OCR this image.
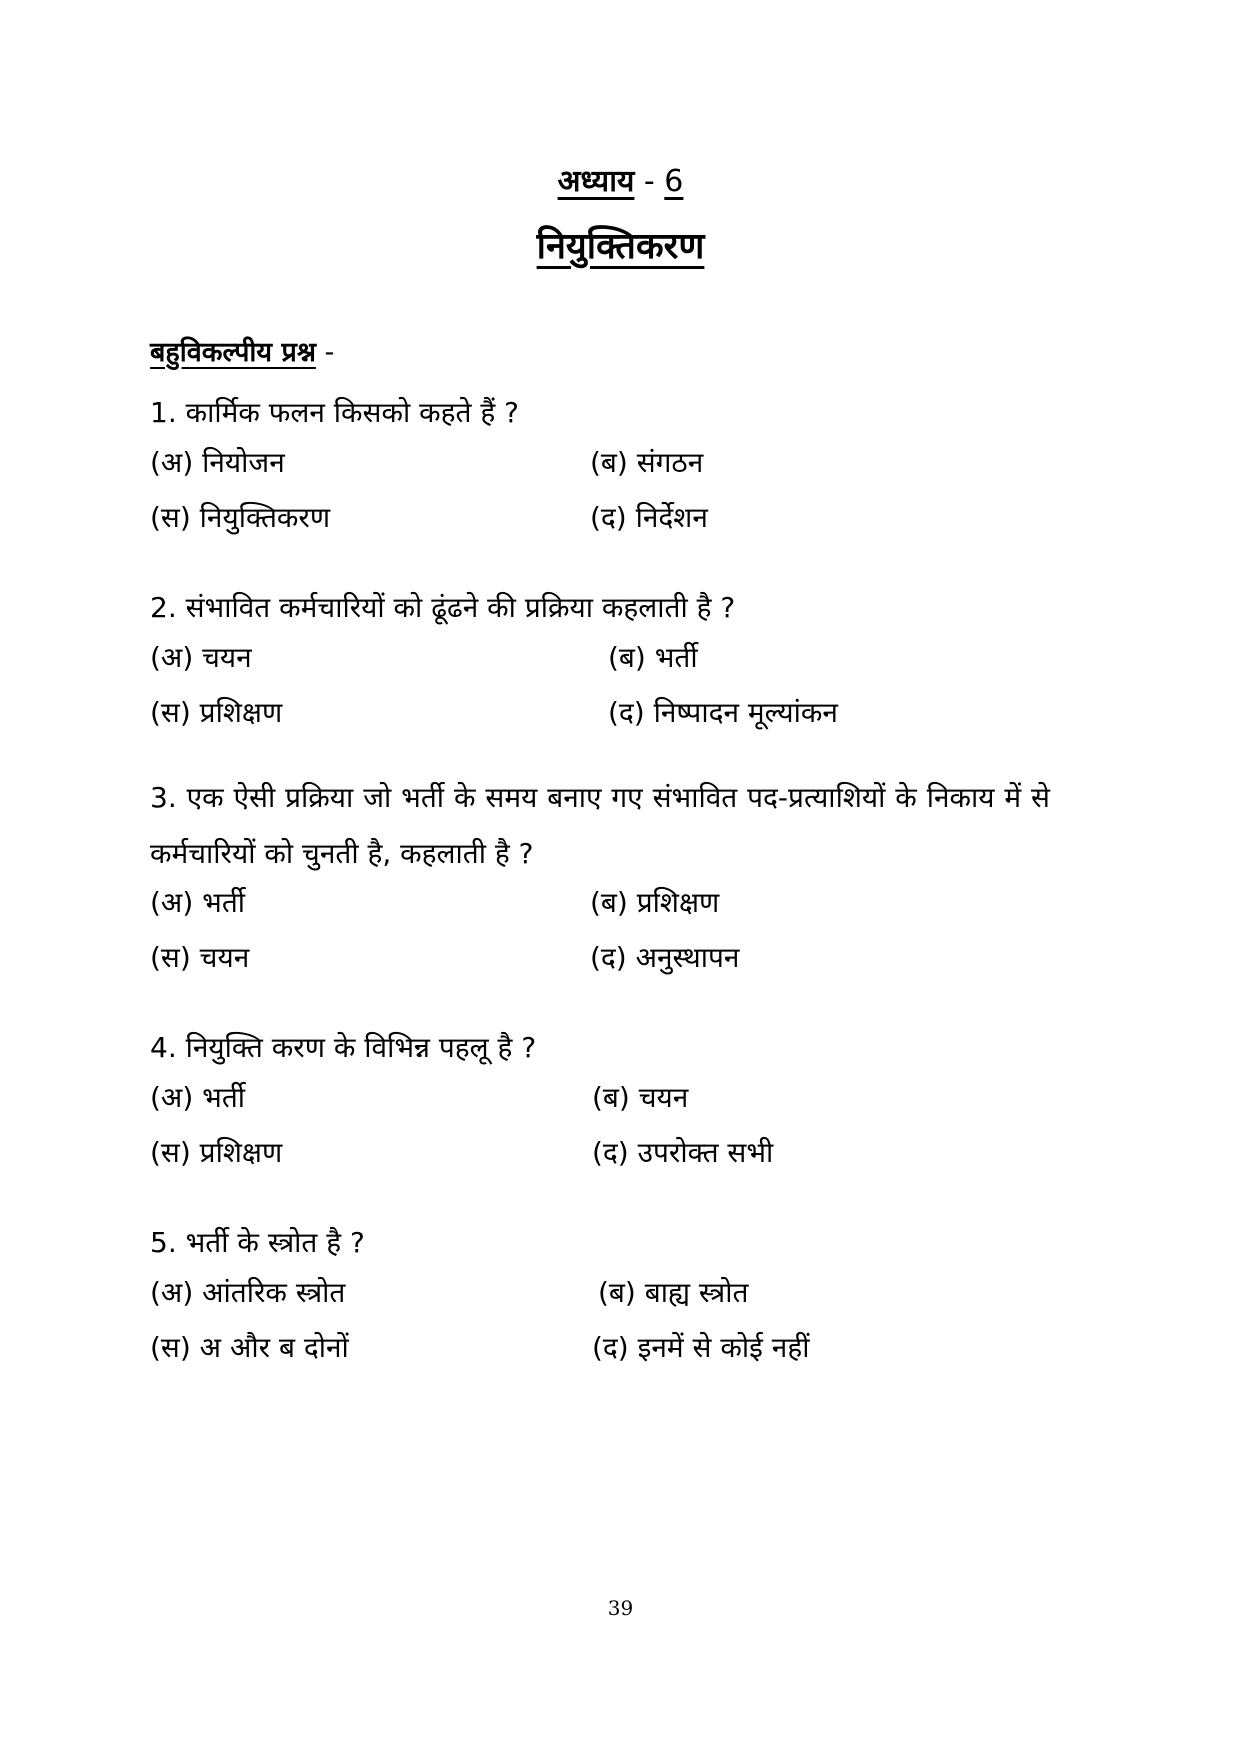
अध्याय - 6
नियुक्तिकरण
बहुविकल्पीय प्रश्न -
1. कार्मिक फलन किसको कहते हैं ?
(अ) नियोजन	(ब) संगठन
(स) नियुक्तिकरण	(द) निर्देशन
2. संभावित कर्मचारियों को ढूंढने की प्रक्रिया कहलाती है ?
(अ) चयन	(ब) भर्ती
(स) प्रशिक्षण	(द) निष्पादन मूल्यांकन
3. एक ऐसी प्रक्रिया जो भर्ती के समय बनाए गए संभावित पद-प्रत्याशियों के निकाय में से कर्मचारियों को चुनती है, कहलाती है ?
(अ) भर्ती	(ब) प्रशिक्षण
(स) चयन	(द) अनुस्थापन
4. नियुक्ति करण के विभिन्न पहलू है ?
(अ) भर्ती	(ब) चयन
(स) प्रशिक्षण	(द) उपरोक्त सभी
5. भर्ती के स्त्रोत है ?
(अ) आंतरिक स्त्रोत	(ब) बाह्य स्त्रोत
(स) अ और ब दोनों	(द) इनमें से कोई नहीं
39
